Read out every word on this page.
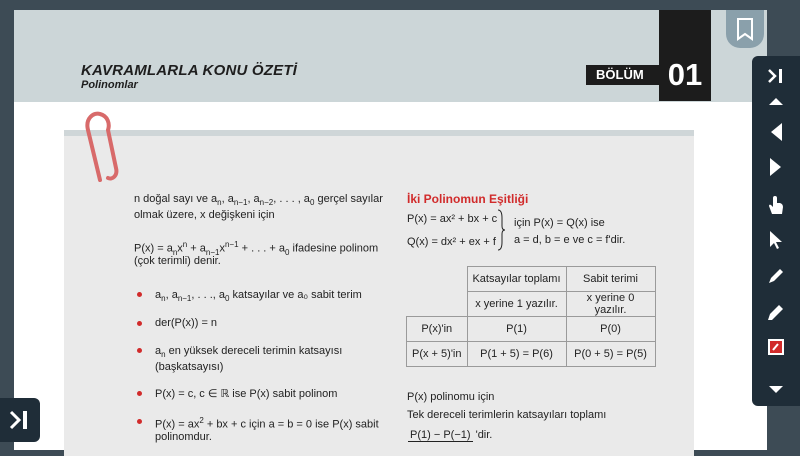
KAVRAMLARLA KONU ÖZETİ
Polinomlar
BÖLÜM 01
n doğal sayı ve $a_n$, $a_{n-1}$, $a_{n-2}$, . . . , $a_0$ gerçel sayılar
olmak üzere, x değişkeni için
$P(x) = a_nx^n + a_{n-1}x^{n-1}$ + . . . + $a_0$ ifadesine polinom
(çok terimli) denir.
$a_n$, $a_{n-1}$, . . ., $a_0$ katsayılar ve a₀ sabit terim
der(P(x)) = n
$a_n$ en yüksek dereceli terimin katsayısı
(başkatsayısı)
P(x) = c, c ∈ ℝ ise P(x) sabit polinom
$P(x) = ax^2$ + bx + c için a = b = 0 ise P(x) sabit
polinomdur.
İki Polinomun Eşitliği
P(x) = ax² + bx + c
Q(x) = dx² + ex + f
için P(x) = Q(x) ise
a = d, b = e ve c = f'dir.
	Katsayılar toplamı	Sabit terimi
	x yerine 1 yazılır.	x yerine 0 yazılır.
P(x)'in	P(1)	P(0)
P(x + 5)'in	P(1 + 5) = P(6)	P(0 + 5) = P(5)
P(x) polinomu için
Tek dereceli terimlerin katsayıları toplamı
P(1) − P(−1) 'dir.
